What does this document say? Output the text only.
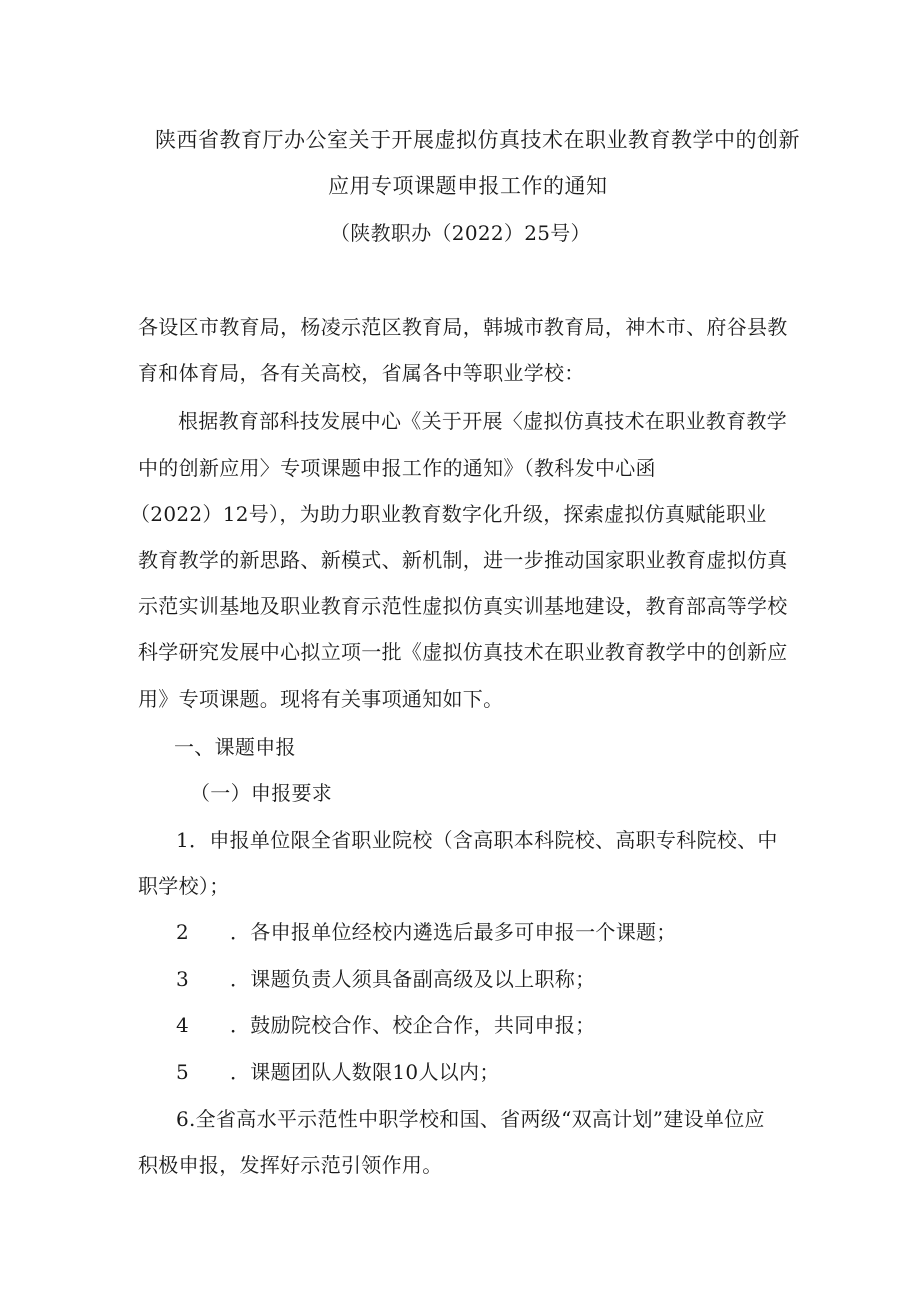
陕西省教育厅办公室关于开展虚拟仿真技术在职业教育教学中的创新
应用专项课题申报工作的通知
（陕教职办（2022）25号）
各设区市教育局，杨凌示范区教育局，韩城市教育局，神木市、府谷县教
育和体育局，各有关高校，省属各中等职业学校：
根据教育部科技发展中心《关于开展〈虚拟仿真技术在职业教育教学
中的创新应用〉专项课题申报工作的通知》（教科发中心函
（2022）12号），为助力职业教育数字化升级，探索虚拟仿真赋能职业
教育教学的新思路、新模式、新机制，进一步推动国家职业教育虚拟仿真
示范实训基地及职业教育示范性虚拟仿真实训基地建设，教育部高等学校
科学研究发展中心拟立项一批《虚拟仿真技术在职业教育教学中的创新应
用》专项课题。现将有关事项通知如下。
一、课题申报
（一）申报要求
1．申报单位限全省职业院校（含高职本科院校、高职专科院校、中
职学校）；
2 ．各申报单位经校内遴选后最多可申报一个课题；
3 ．课题负责人须具备副高级及以上职称；
4 ．鼓励院校合作、校企合作，共同申报；
5 ．课题团队人数限10人以内；
6.全省高水平示范性中职学校和国、省两级“双高计划”建设单位应
积极申报，发挥好示范引领作用。
